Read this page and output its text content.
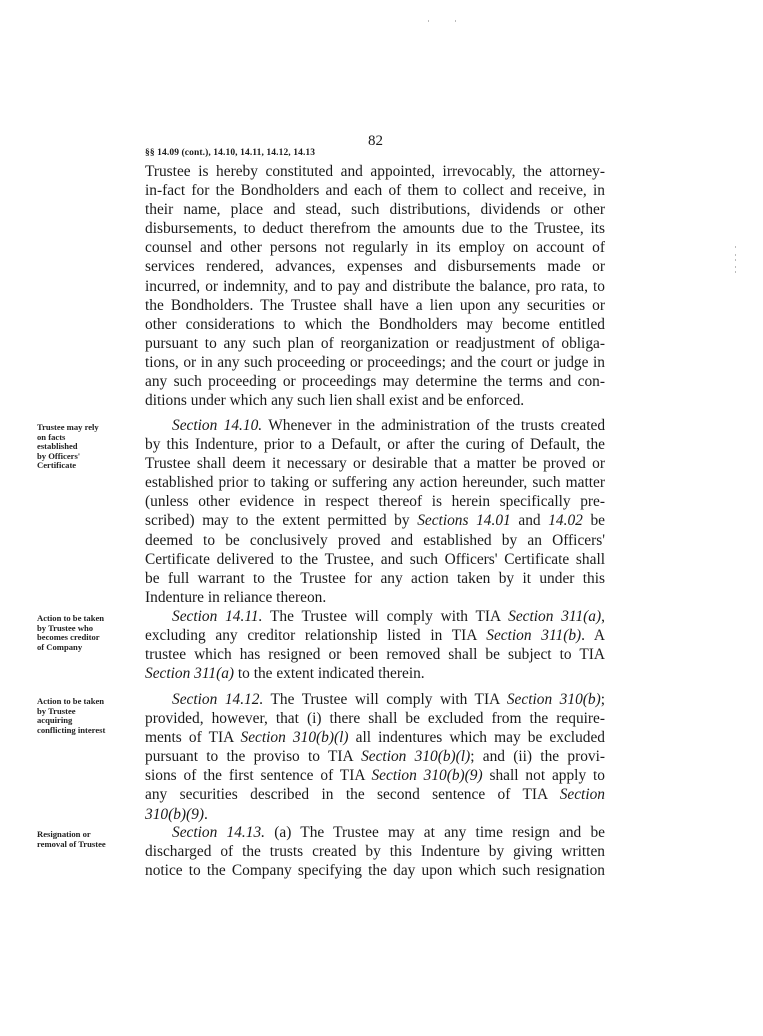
82
§§ 14.09 (cont.), 14.10, 14.11, 14.12, 14.13
Trustee is hereby constituted and appointed, irrevocably, the attorney-
in-fact for the Bondholders and each of them to collect and receive, in
their name, place and stead, such distributions, dividends or other
disbursements, to deduct therefrom the amounts due to the Trustee, its
counsel and other persons not regularly in its employ on account of
services rendered, advances, expenses and disbursements made or
incurred, or indemnity, and to pay and distribute the balance, pro rata, to
the Bondholders. The Trustee shall have a lien upon any securities or
other considerations to which the Bondholders may become entitled
pursuant to any such plan of reorganization or readjustment of obliga-
tions, or in any such proceeding or proceedings; and the court or judge in
any such proceeding or proceedings may determine the terms and con-
ditions under which any such lien shall exist and be enforced.
Trustee may rely
on facts
established
by Officers'
Certificate
Section 14.10. Whenever in the administration of the trusts created
by this Indenture, prior to a Default, or after the curing of Default, the
Trustee shall deem it necessary or desirable that a matter be proved or
established prior to taking or suffering any action hereunder, such matter
(unless other evidence in respect thereof is herein specifically pre-
scribed) may to the extent permitted by Sections 14.01 and 14.02 be
deemed to be conclusively proved and established by an Officers'
Certificate delivered to the Trustee, and such Officers' Certificate shall
be full warrant to the Trustee for any action taken by it under this
Indenture in reliance thereon.
Action to be taken
by Trustee who
becomes creditor
of Company
Section 14.11. The Trustee will comply with TIA Section 311(a),
excluding any creditor relationship listed in TIA Section 311(b). A
trustee which has resigned or been removed shall be subject to TIA
Section 311(a) to the extent indicated therein.
Action to be taken
by Trustee
acquiring
conflicting interest
Section 14.12. The Trustee will comply with TIA Section 310(b);
provided, however, that (i) there shall be excluded from the require-
ments of TIA Section 310(b)(l) all indentures which may be excluded
pursuant to the proviso to TIA Section 310(b)(l); and (ii) the provi-
sions of the first sentence of TIA Section 310(b)(9) shall not apply to
any securities described in the second sentence of TIA Section
310(b)(9).
Resignation or
removal of Trustee
Section 14.13. (a) The Trustee may at any time resign and be
discharged of the trusts created by this Indenture by giving written
notice to the Company specifying the day upon which such resignation
